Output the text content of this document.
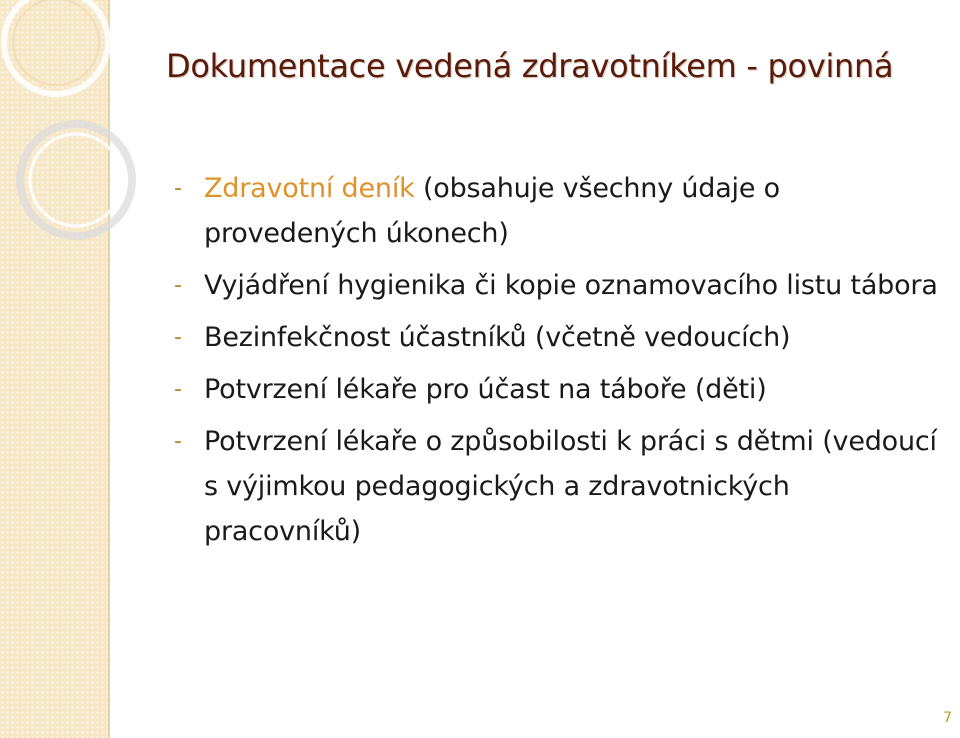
Dokumentace vedená zdravotníkem - povinná
- Zdravotní deník (obsahuje všechny údaje o provedených úkonech)
- Vyjádření hygienika či kopie oznamovacího listu tábora
- Bezinfekčnost účastníků (včetně vedoucích)
- Potvrzení lékaře pro účast na táboře (děti)
- Potvrzení lékaře o způsobilosti k práci s dětmi (vedoucí s výjimkou pedagogických a zdravotnických pracovníků)
7
